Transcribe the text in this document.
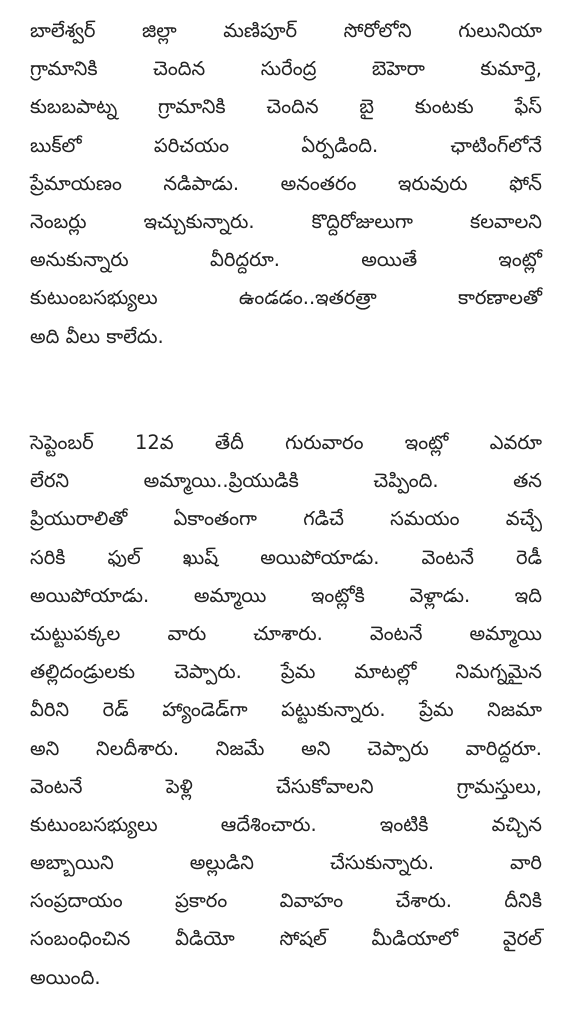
బాలేశ్వర్ జిల్లా మణిపూర్ సోరోలోని గులునియా
గ్రామానికి చెందిన సురేంద్ర బెహెరా కుమార్తె,
కుబబపాట్న గ్రామానికి చెందిన బై కుంటకు ఫేస్
బుక్‌లో పరిచయం ఏర్పడింది. ఛాటింగ్‌లోనే
ప్రేమాయణం నడిపాడు. అనంతరం ఇరువురు ఫోన్
నెంబర్లు ఇచ్చుకున్నారు. కొద్దిరోజులుగా కలవాలని
అనుకున్నారు వీరిద్దరూ. అయితే ఇంట్లో
కుటుంబసభ్యులు ఉండడం..ఇతరత్రా కారణాలతో
అది వీలు కాలేదు.

సెప్టెంబర్ 12వ తేదీ గురువారం ఇంట్లో ఎవరూ
లేరని అమ్మాయి..ప్రియుడికి చెప్పింది. తన
ప్రియురాలితో ఏకాంతంగా గడిచే సమయం వచ్చే
సరికి ఫుల్ ఖుష్ అయిపోయాడు. వెంటనే రెడీ
అయిపోయాడు. అమ్మాయి ఇంట్లోకి వెళ్లాడు. ఇది
చుట్టుపక్కల వారు చూశారు. వెంటనే అమ్మాయి
తల్లిదండ్రులకు చెప్పారు. ప్రేమ మాటల్లో నిమగ్నమైన
వీరిని రెడ్ హ్యాండెడ్‌గా పట్టుకున్నారు. ప్రేమ నిజమా
అని నిలదీశారు. నిజమే అని చెప్పారు వారిద్దరూ.
వెంటనే పెళ్లి చేసుకోవాలని గ్రామస్తులు,
కుటుంబసభ్యులు ఆదేశించారు. ఇంటికి వచ్చిన
అబ్బాయిని అల్లుడిని చేసుకున్నారు. వారి
సంప్రదాయం ప్రకారం వివాహం చేశారు. దీనికి
సంబంధించిన వీడియో సోషల్ మీడియాలో వైరల్
అయింది.
